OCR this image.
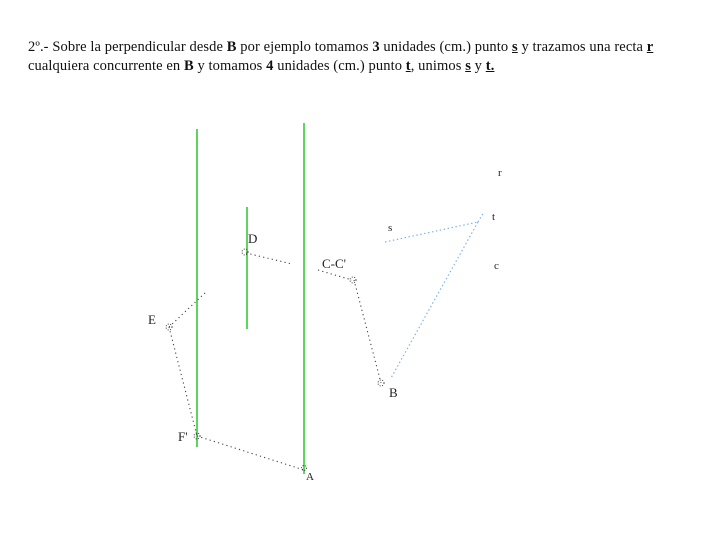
2º.- Sobre la perpendicular desde B por ejemplo tomamos 3 unidades (cm.) punto s y trazamos una recta r cualquiera concurrente en B y tomamos 4 unidades (cm.) punto t, unimos s y t.
D
C-C'
E
B
F'
A
r
t
s
c
